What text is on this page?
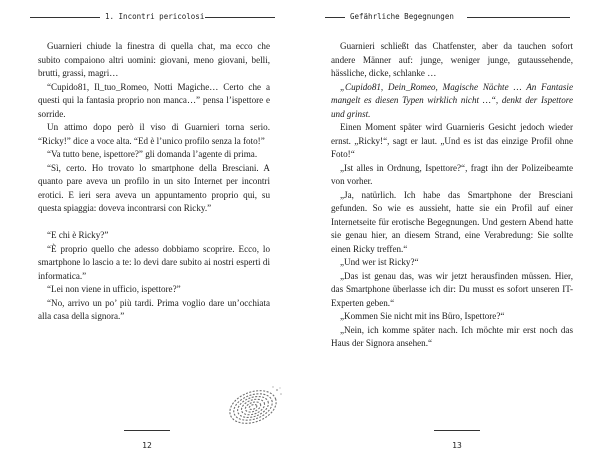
1. Incontri pericolosi

Guarnieri chiude la finestra di quella chat, ma ecco che subito compaiono altri uomini: giovani, meno giovani, belli, brutti, grassi, magri…

“Cupido81, Il_tuo_Romeo, Notti Magiche… Certo che a questi qui la fantasia proprio non manca…” pensa l’ispettore e sorride.

Un attimo dopo però il viso di Guarnieri torna serio. “Ricky!” dice a voce alta. “Ed è l’unico profilo senza la foto!”

“Va tutto bene, ispettore?” gli domanda l’agente di prima.

“Sì, certo. Ho trovato lo smartphone della Bresciani. A quanto pare aveva un profilo in un sito Internet per incontri erotici. E ieri sera aveva un appuntamento proprio qui, su questa spiaggia: doveva incontrarsi con Ricky.”

“E chi è Ricky?”

“È proprio quello che adesso dobbiamo scoprire. Ecco, lo smartphone lo lascio a te: lo devi dare subito ai nostri esperti di informatica.”

“Lei non viene in ufficio, ispettore?”

“No, arrivo un po’ più tardi. Prima voglio dare un’occhiata alla casa della signora.”

12
Gefährliche Begegnungen

Guarnieri schließt das Chatfenster, aber da tauchen sofort andere Männer auf: junge, weniger junge, gutaussehende, hässliche, dicke, schlanke …

„Cupido81, Dein_Romeo, Magische Nächte … An Fantasie mangelt es diesen Typen wirklich nicht …“, denkt der Ispettore und grinst.

Einen Moment später wird Guarnieris Gesicht jedoch wieder ernst. „Ricky!“, sagt er laut. „Und es ist das einzige Profil ohne Foto!“

„Ist alles in Ordnung, Ispettore?“, fragt ihn der Polizeibeamte von vorher.

„Ja, natürlich. Ich habe das Smartphone der Bresciani gefunden. So wie es aussieht, hatte sie ein Profil auf einer Internetseite für erotische Begegnungen. Und gestern Abend hatte sie genau hier, an diesem Strand, eine Verabredung: Sie sollte einen Ricky treffen.“

„Und wer ist Ricky?“

„Das ist genau das, was wir jetzt herausfinden müssen. Hier, das Smartphone überlasse ich dir: Du musst es sofort unseren IT-Experten geben.“

„Kommen Sie nicht mit ins Büro, Ispettore?“

„Nein, ich komme später nach. Ich möchte mir erst noch das Haus der Signora ansehen.“

13
